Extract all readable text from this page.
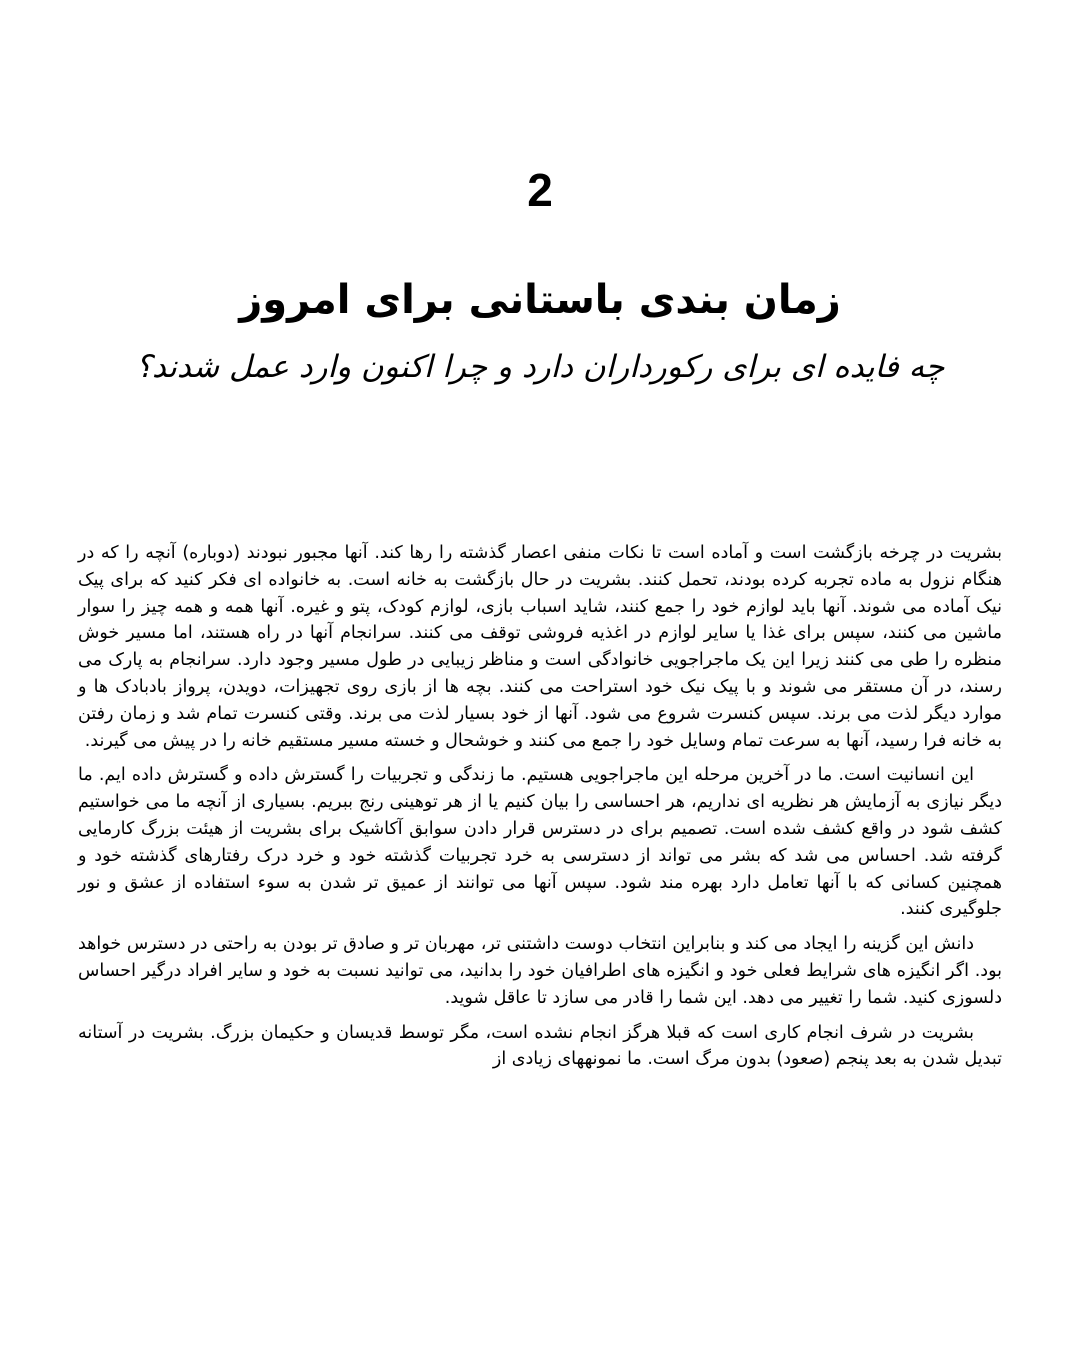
2
زمان بندی باستانی برای امروز
چه فایده ای برای رکورداران دارد و چرا اکنون وارد عمل شدند؟

بشریت در چرخه بازگشت است و آماده است تا نکات منفی اعصار گذشته را رها کند. آنها مجبور نبودند (دوباره) آنچه را که در هنگام نزول به ماده تجربه کرده بودند، تحمل کنند. بشریت در حال بازگشت به خانه است. به خانواده ای فکر کنید که برای پیک نیک آماده می شوند. آنها باید لوازم خود را جمع کنند، شاید اسباب بازی، لوازم کودک، پتو و غیره. آنها همه و همه چیز را سوار ماشین می کنند، سپس برای غذا یا سایر لوازم در اغذیه فروشی توقف می کنند. سرانجام آنها در راه هستند، اما مسیر خوش منظره را طی می کنند زیرا این یک ماجراجویی خانوادگی است و مناظر زیبایی در طول مسیر وجود دارد. سرانجام به پارک می رسند، در آن مستقر می شوند و با پیک نیک خود استراحت می کنند. بچه ها از بازی روی تجهیزات، دویدن، پرواز بادبادک ها و موارد دیگر لذت می برند. سپس کنسرت شروع می شود. آنها از خود بسیار لذت می برند. وقتی کنسرت تمام شد و زمان رفتن به خانه فرا رسید، آنها به سرعت تمام وسایل خود را جمع می کنند و خوشحال و خسته مسیر مستقیم خانه را در پیش می گیرند.

این انسانیت است. ما در آخرین مرحله این ماجراجویی هستیم. ما زندگی و تجربیات را گسترش داده و گسترش داده ایم. ما دیگر نیازی به آزمایش هر نظریه ای نداریم، هر احساسی را بیان کنیم یا از هر توهینی رنج ببریم. بسیاری از آنچه ما می خواستیم کشف شود در واقع کشف شده است. تصمیم برای در دسترس قرار دادن سوابق آکاشیک برای بشریت از هیئت بزرگ کارمایی گرفته شد. احساس می شد که بشر می تواند از دسترسی به خرد تجربیات گذشته خود و خرد درک رفتارهای گذشته خود و همچنین کسانی که با آنها تعامل دارد بهره مند شود. سپس آنها می توانند از عمیق تر شدن به سوء استفاده از عشق و نور جلوگیری کنند.

دانش این گزینه را ایجاد می کند و بنابراین انتخاب دوست داشتنی تر، مهربان تر و صادق تر بودن به راحتی در دسترس خواهد بود. اگر انگیزه های شرایط فعلی خود و انگیزه های اطرافیان خود را بدانید، می توانید نسبت به خود و سایر افراد درگیر احساس دلسوزی کنید. شما را تغییر می دهد. این شما را قادر می سازد تا عاقل شوید.

بشریت در شرف انجام کاری است که قبلا هرگز انجام نشده است، مگر توسط قدیسان و حکیمان بزرگ. بشریت در آستانه تبدیل شدن به بعد پنجم (صعود) بدون مرگ است. ما نمونههای زیادی از
